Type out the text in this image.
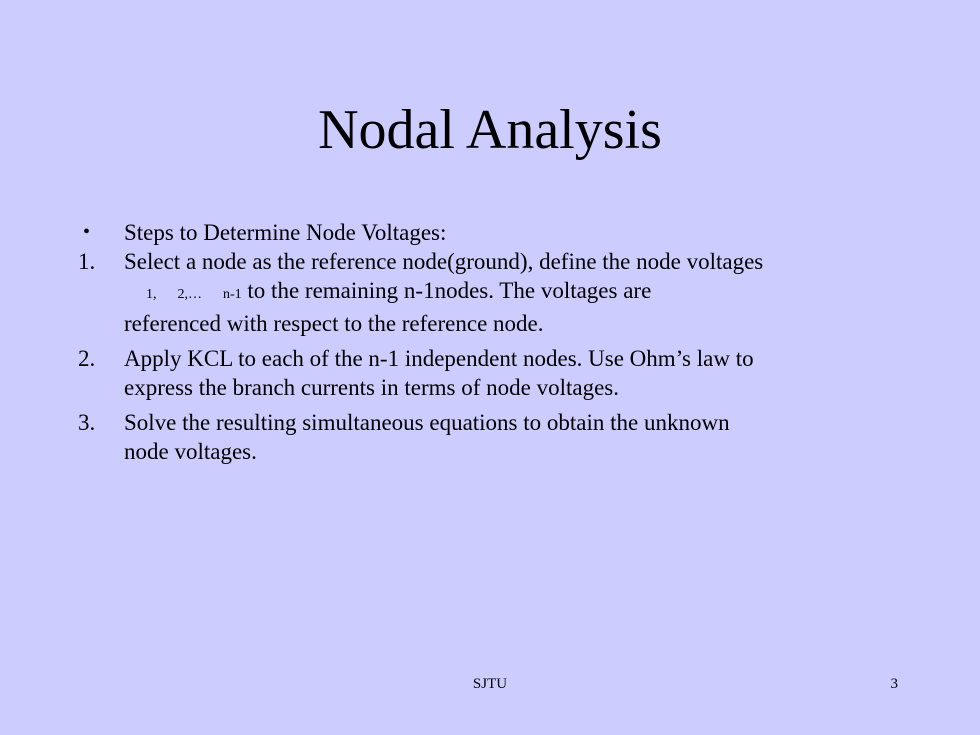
Nodal Analysis
• Steps to Determine Node Voltages:
1. Select a node as the reference node(ground), define the node voltages
1,      2,…      n-1 to the remaining n-1nodes. The voltages are
referenced with respect to the reference node.
2. Apply KCL to each of the n-1 independent nodes. Use Ohm’s law to
express the branch currents in terms of node voltages.
3. Solve the resulting simultaneous equations to obtain the unknown
node voltages.
SJTU	3
